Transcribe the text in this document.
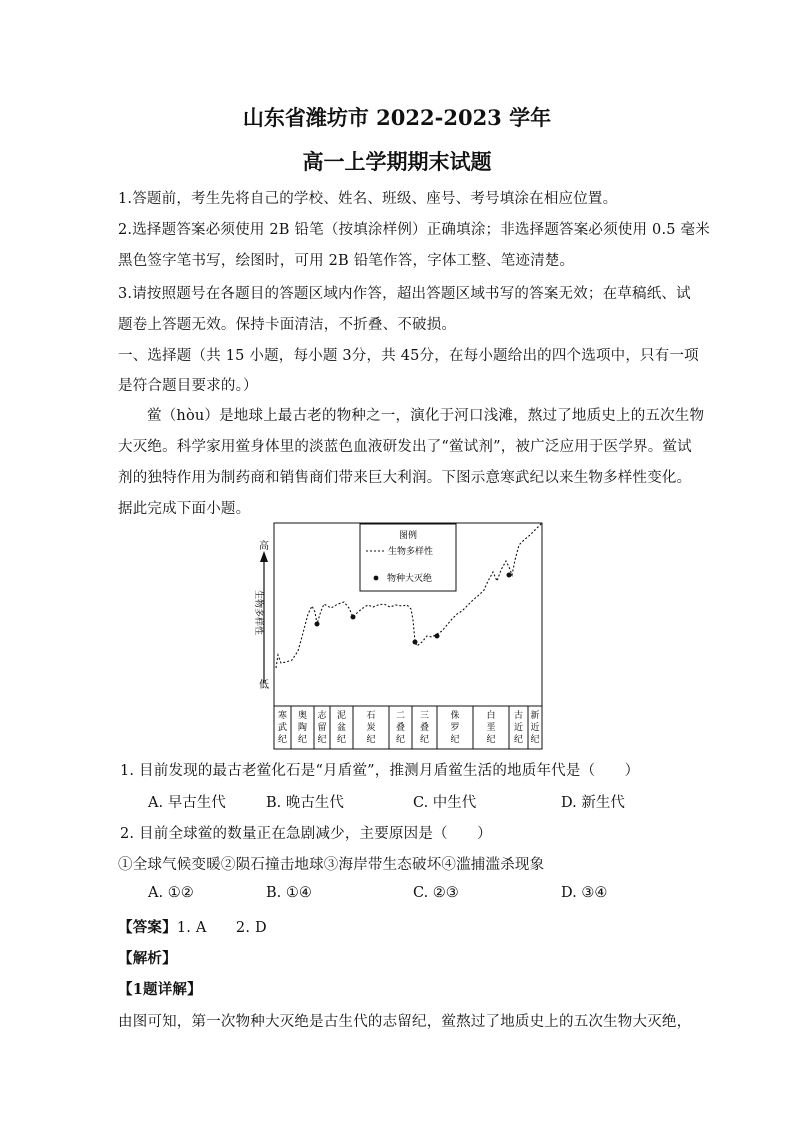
山东省潍坊市 2022-2023 学年
高一上学期期末试题
1.答题前，考生先将自己的学校、姓名、班级、座号、考号填涂在相应位置。
2.选择题答案必须使用 2B 铅笔（按填涂样例）正确填涂；非选择题答案必须使用 0.5 毫米
黑色签字笔书写，绘图时，可用 2B 铅笔作答，字体工整、笔迹清楚。
3.请按照题号在各题目的答题区域内作答，超出答题区域书写的答案无效；在草稿纸、试
题卷上答题无效。保持卡面清洁，不折叠、不破损。
一、选择题（共 15 小题，每小题 3分，共 45分，在每小题给出的四个选项中，只有一项
是符合题目要求的。）
鲎（hòu）是地球上最古老的物种之一，演化于河口浅滩，熬过了地质史上的五次生物
大灭绝。科学家用鲎身体里的淡蓝色血液研发出了“鲎试剂”，被广泛应用于医学界。鲎试
剂的独特作用为制药商和销售商们带来巨大利润。下图示意寒武纪以来生物多样性变化。
据此完成下面小题。
高
低
生物多样性
寒
武
纪
奥
陶
纪
志
留
纪
泥
盆
纪
石
炭
纪
二
叠
纪
三
叠
纪
侏
罗
纪
白
垩
纪
古
近
纪
新
近
纪
图例
生物多样性
物种大灭绝
1. 目前发现的最古老鲎化石是“月盾鲎”，推测月盾鲎生活的地质年代是（　　）
A. 早古生代	B. 晚古生代	C. 中生代	D. 新生代
2. 目前全球鲎的数量正在急剧减少，主要原因是（　　）
①全球气候变暖②陨石撞击地球③海岸带生态破坏④滥捕滥杀现象
A. ①②	B. ①④	C. ②③	D. ③④
【答案】1. A　　2. D
【解析】
【1题详解】
由图可知，第一次物种大灭绝是古生代的志留纪，鲎熬过了地质史上的五次生物大灭绝，
